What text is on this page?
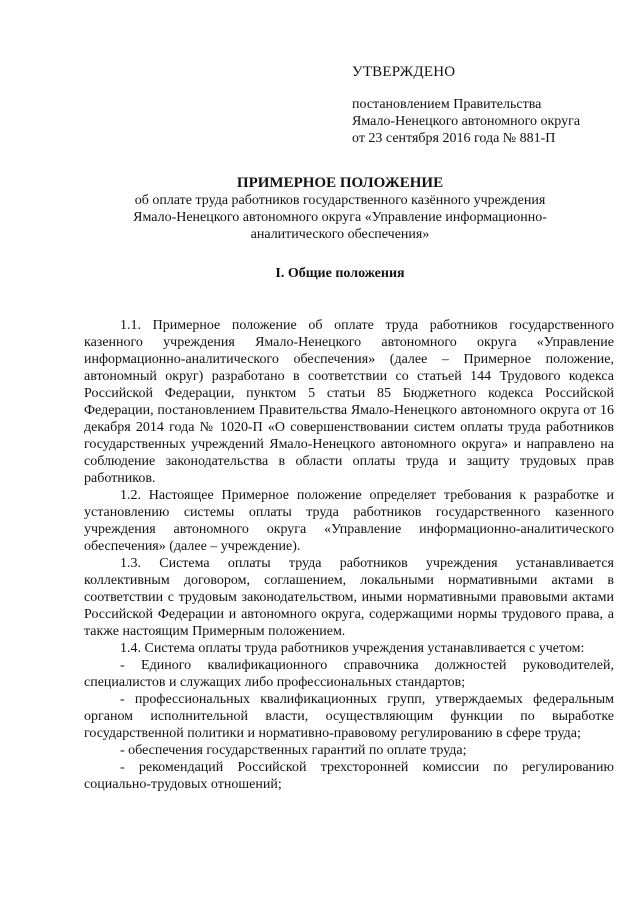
УТВЕРЖДЕНО
постановлением Правительства
Ямало-Ненецкого автономного округа
от 23 сентября 2016 года № 881-П
ПРИМЕРНОЕ ПОЛОЖЕНИЕ
об оплате труда работников государственного казённого учреждения
Ямало-Ненецкого автономного округа «Управление информационно-
аналитического обеспечения»
I. Общие положения

1.1. Примерное положение об оплате труда работников государственного казенного учреждения Ямало-Ненецкого автономного округа «Управление информационно-аналитического обеспечения» (далее – Примерное положение, автономный округ) разработано в соответствии со статьей 144 Трудового кодекса Российской Федерации, пунктом 5 статьи 85 Бюджетного кодекса Российской Федерации, постановлением Правительства Ямало-Ненецкого автономного округа от 16 декабря 2014 года № 1020-П «О совершенствовании систем оплаты труда работников государственных учреждений Ямало-Ненецкого автономного округа» и направлено на соблюдение законодательства в области оплаты труда и защиту трудовых прав работников.

1.2. Настоящее Примерное положение определяет требования к разработке и установлению системы оплаты труда работников государственного казенного учреждения автономного округа «Управление информационно-аналитического обеспечения» (далее – учреждение).

1.3. Система оплаты труда работников учреждения устанавливается коллективным договором, соглашением, локальными нормативными актами в соответствии с трудовым законодательством, иными нормативными правовыми актами Российской Федерации и автономного округа, содержащими нормы трудового права, а также настоящим Примерным положением.

1.4. Система оплаты труда работников учреждения устанавливается с учетом:

- Единого квалификационного справочника должностей руководителей, специалистов и служащих либо профессиональных стандартов;

- профессиональных квалификационных групп, утверждаемых федеральным органом исполнительной власти, осуществляющим функции по выработке государственной политики и нормативно-правовому регулированию в сфере труда;

- обеспечения государственных гарантий по оплате труда;

- рекомендаций Российской трехсторонней комиссии по регулированию социально-трудовых отношений;
